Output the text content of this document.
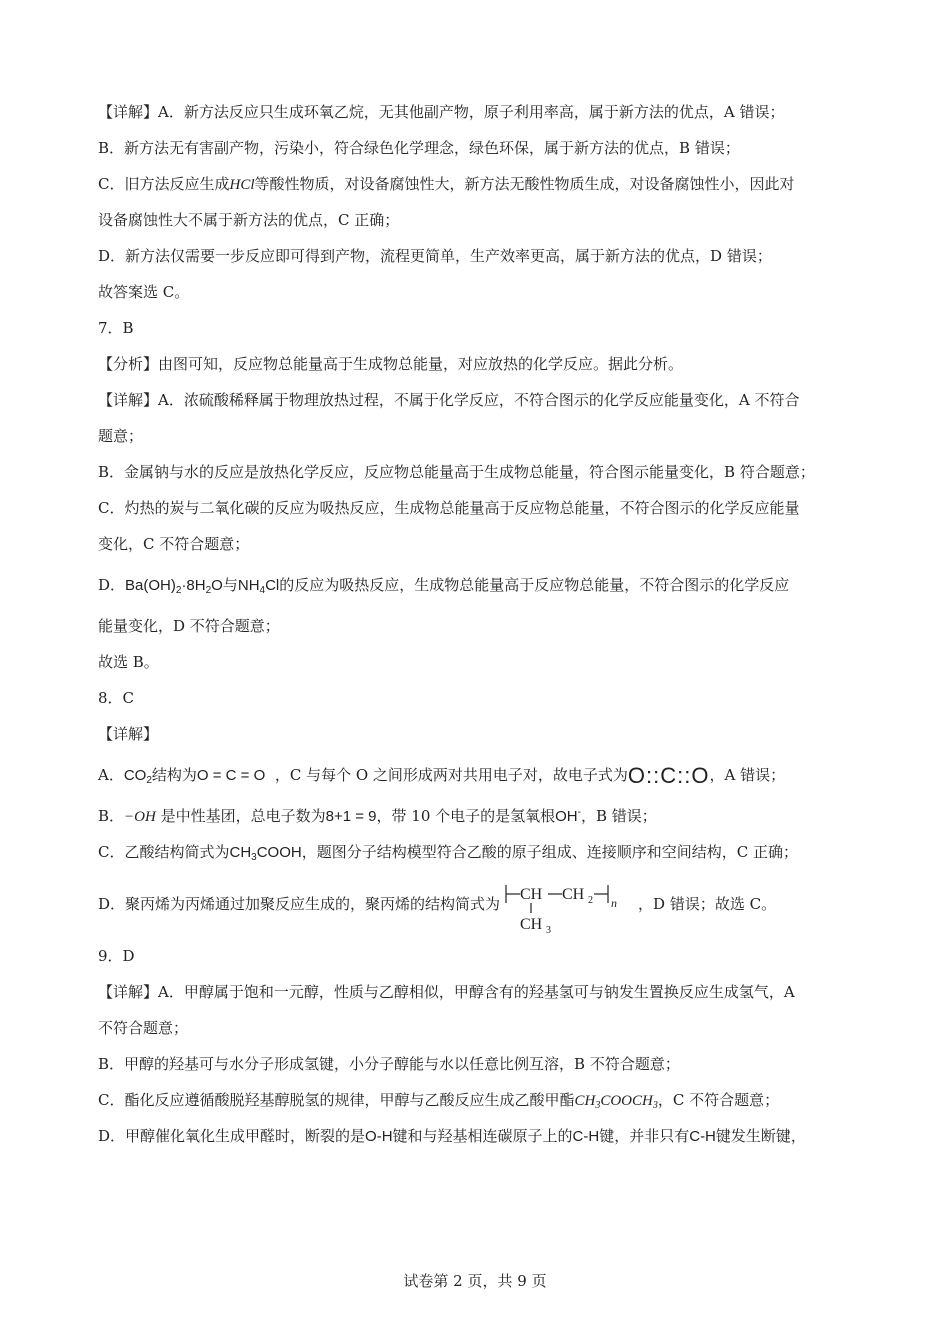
【详解】A．新方法反应只生成环氧乙烷，无其他副产物，原子利用率高，属于新方法的优点，A 错误；
B．新方法无有害副产物，污染小，符合绿色化学理念，绿色环保，属于新方法的优点，B 错误；
C．旧方法反应生成HCl等酸性物质，对设备腐蚀性大，新方法无酸性物质生成，对设备腐蚀性小，因此对
设备腐蚀性大不属于新方法的优点，C 正确；
D．新方法仅需要一步反应即可得到产物，流程更简单，生产效率更高，属于新方法的优点，D 错误；
故答案选 C。
7．B
【分析】由图可知，反应物总能量高于生成物总能量，对应放热的化学反应。据此分析。
【详解】A．浓硫酸稀释属于物理放热过程，不属于化学反应，不符合图示的化学反应能量变化，A 不符合
题意；
B．金属钠与水的反应是放热化学反应，反应物总能量高于生成物总能量，符合图示能量变化，B 符合题意；
C．灼热的炭与二氧化碳的反应为吸热反应，生成物总能量高于反应物总能量，不符合图示的化学反应能量
变化，C 不符合题意；
D．$Ba(OH)_2\cdot 8H_2O$与$NH_4Cl$的反应为吸热反应，生成物总能量高于反应物总能量，不符合图示的化学反应
能量变化，D 不符合题意；
故选 B。
8．C
【详解】
A．$CO_2$结构为O = C = O ，C 与每个 O 之间形成两对共用电子对，故电子式为O::C::O，A 错误；
B．−OH 是中性基团，总电子数为8+1 = 9，带 10 个电子的是氢氧根OH-，B 错误；
C．乙酸结构简式为$CH_3COOH$，题图分子结构模型符合乙酸的原子组成、连接顺序和空间结构，C 正确；
D．聚丙烯为丙烯通过加聚反应生成的，聚丙烯的结构简式为
CH CH 2 n
CH 3
，D 错误；故选 C。
9．D
【详解】A．甲醇属于饱和一元醇，性质与乙醇相似，甲醇含有的羟基氢可与钠发生置换反应生成氢气，A
不符合题意；
B．甲醇的羟基可与水分子形成氢键，小分子醇能与水以任意比例互溶，B 不符合题意；
C．酯化反应遵循酸脱羟基醇脱氢的规律，甲醇与乙酸反应生成乙酸甲酯$CH_3COOCH_3$，C 不符合题意；
D．甲醇催化氧化生成甲醛时，断裂的是O-H键和与羟基相连碳原子上的C-H键，并非只有C-H键发生断键，
试卷第 2 页，共 9 页
